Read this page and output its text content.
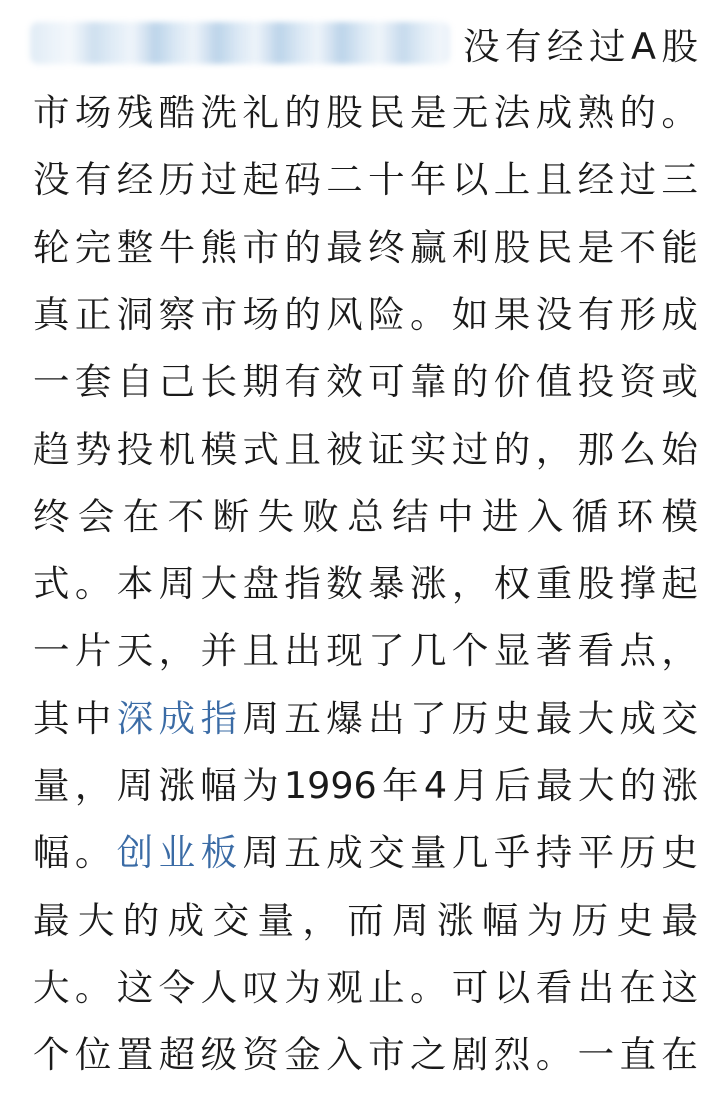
没 有 经 过 A 股
市 场 残 酷 洗 礼 的 股 民 是 无 法 成 熟 的 。
没 有 经 历 过 起 码 二 十 年 以 上 且 经 过 三
轮 完 整 牛 熊 市 的 最 终 赢 利 股 民 是 不 能
真 正 洞 察 市 场 的 风 险 。 如 果 没 有 形 成
一 套 自 己 长 期 有 效 可 靠 的 价 值 投 资 或
趋 势 投 机 模 式 且 被 证 实 过 的 ， 那 么 始
终 会 在 不 断 失 败 总 结 中 进 入 循 环 模
式 。 本 周 大 盘 指 数 暴 涨 ， 权 重 股 撑 起
一 片 天 ， 并 且 出 现 了 几 个 显 著 看 点 ，
其 中 深 成 指 周 五 爆 出 了 历 史 最 大 成 交
量 ， 周 涨 幅 为 1996 年 4 月 后 最 大 的 涨
幅 。 创 业 板 周 五 成 交 量 几 乎 持 平 历 史
最 大 的 成 交 量 ， 而 周 涨 幅 为 历 史 最
大 。 这 令 人 叹 为 观 止 。 可 以 看 出 在 这
个 位 置 超 级 资 金 入 市 之 剧 烈 。 一 直 在
